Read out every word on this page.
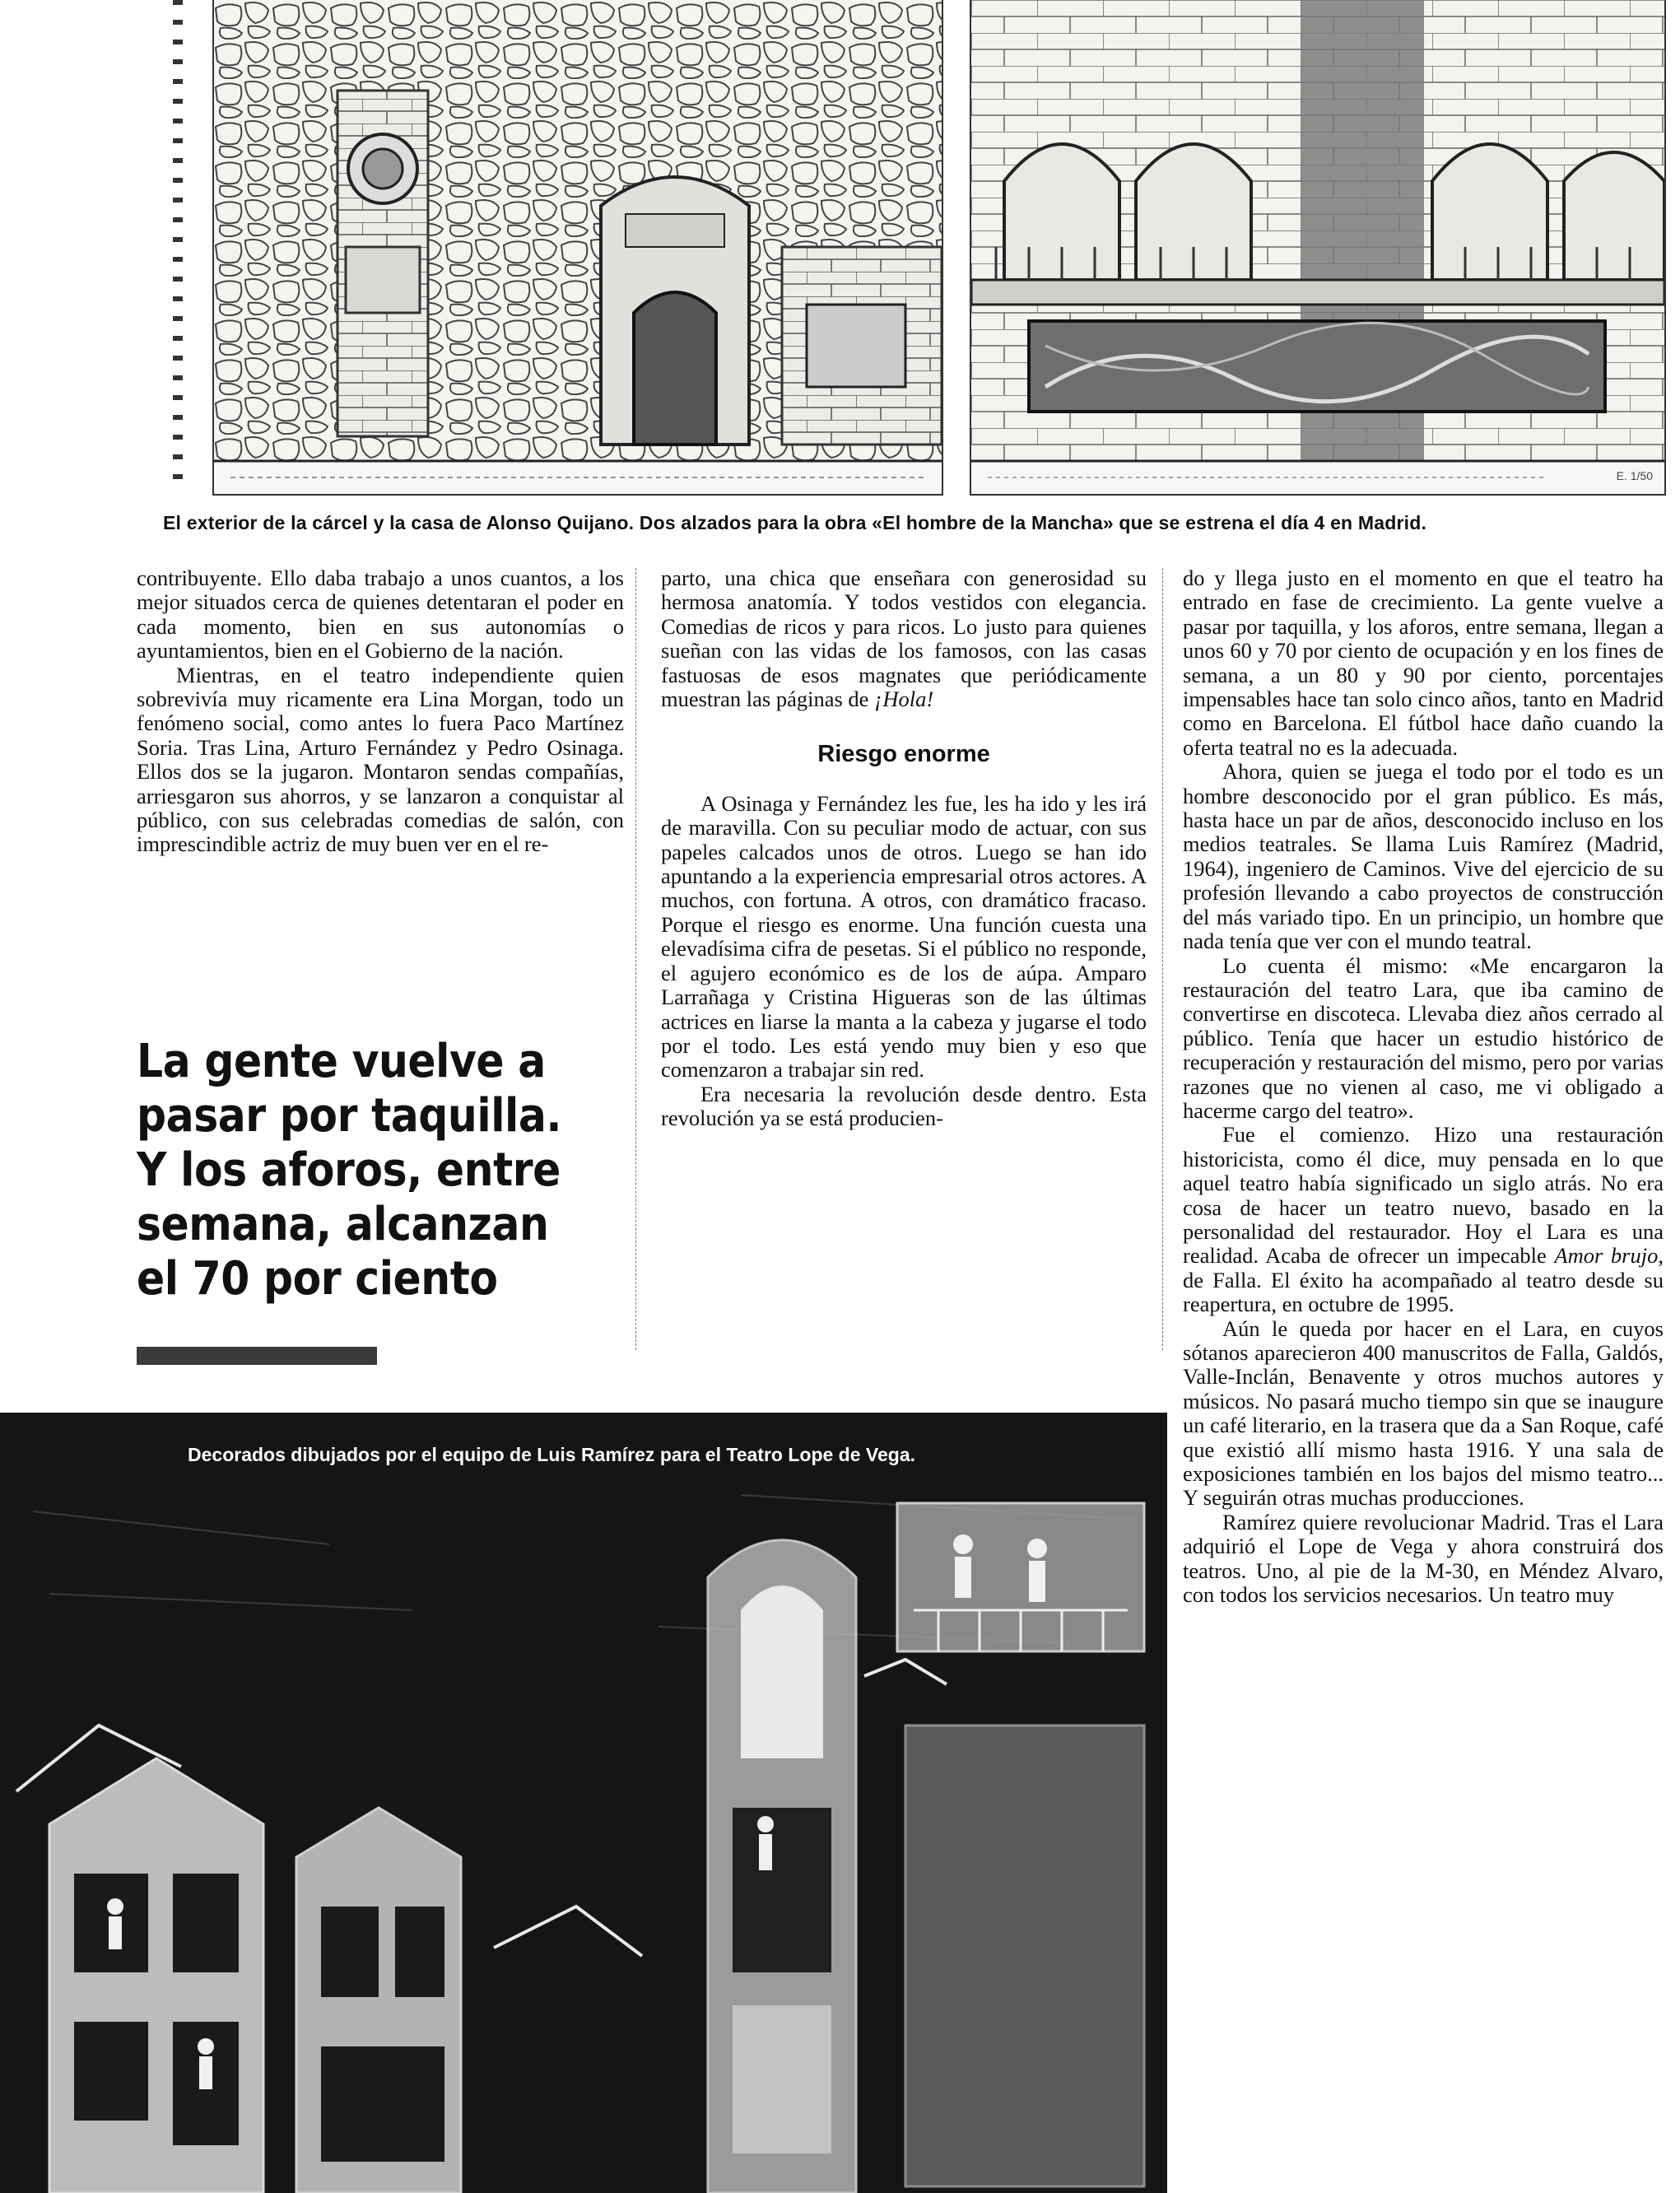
E. 1/50
El exterior de la cárcel y la casa de Alonso Quijano. Dos alzados para la obra «El hombre de la Mancha» que se estrena el día 4 en Madrid.

contribuyente. Ello daba trabajo a unos cuantos, a los mejor situados cerca de quienes detentaran el poder en cada momento, bien en sus autonomías o ayuntamientos, bien en el Gobierno de la nación.

Mientras, en el teatro independiente quien sobrevivía muy ricamente era Lina Morgan, todo un fenómeno social, como antes lo fuera Paco Martínez Soria. Tras Lina, Arturo Fernández y Pedro Osinaga. Ellos dos se la jugaron. Montaron sendas compañías, arriesgaron sus ahorros, y se lanzaron a conquistar al público, con sus celebradas comedias de salón, con imprescindible actriz de muy buen ver en el re-

La gente vuelve a
pasar por taquilla.
Y los aforos, entre
semana, alcanzan
el 70 por ciento

parto, una chica que enseñara con generosidad su hermosa anatomía. Y todos vestidos con elegancia. Comedias de ricos y para ricos. Lo justo para quienes sueñan con las vidas de los famosos, con las casas fastuosas de esos magnates que periódicamente muestran las páginas de ¡Hola!

Riesgo enorme

A Osinaga y Fernández les fue, les ha ido y les irá de maravilla. Con su peculiar modo de actuar, con sus papeles calcados unos de otros. Luego se han ido apuntando a la experiencia empresarial otros actores. A muchos, con fortuna. A otros, con dramático fracaso. Porque el riesgo es enorme. Una función cuesta una elevadísima cifra de pesetas. Si el público no responde, el agujero económico es de los de aúpa. Amparo Larrañaga y Cristina Higueras son de las últimas actrices en liarse la manta a la cabeza y jugarse el todo por el todo. Les está yendo muy bien y eso que comenzaron a trabajar sin red.

Era necesaria la revolución desde dentro. Esta revolución ya se está producien-

do y llega justo en el momento en que el teatro ha entrado en fase de crecimiento. La gente vuelve a pasar por taquilla, y los aforos, entre semana, llegan a unos 60 y 70 por ciento de ocupación y en los fines de semana, a un 80 y 90 por ciento, porcentajes impensables hace tan solo cinco años, tanto en Madrid como en Barcelona. El fútbol hace daño cuando la oferta teatral no es la adecuada.

Ahora, quien se juega el todo por el todo es un hombre desconocido por el gran público. Es más, hasta hace un par de años, desconocido incluso en los medios teatrales. Se llama Luis Ramírez (Madrid, 1964), ingeniero de Caminos. Vive del ejercicio de su profesión llevando a cabo proyectos de construcción del más variado tipo. En un principio, un hombre que nada tenía que ver con el mundo teatral.

Lo cuenta él mismo: «Me encargaron la restauración del teatro Lara, que iba camino de convertirse en discoteca. Llevaba diez años cerrado al público. Tenía que hacer un estudio histórico de recuperación y restauración del mismo, pero por varias razones que no vienen al caso, me vi obligado a hacerme cargo del teatro».

Fue el comienzo. Hizo una restauración historicista, como él dice, muy pensada en lo que aquel teatro había significado un siglo atrás. No era cosa de hacer un teatro nuevo, basado en la personalidad del restaurador. Hoy el Lara es una realidad. Acaba de ofrecer un impecable Amor brujo, de Falla. El éxito ha acompañado al teatro desde su reapertura, en octubre de 1995.

Aún le queda por hacer en el Lara, en cuyos sótanos aparecieron 400 manuscritos de Falla, Galdós, Valle-Inclán, Benavente y otros muchos autores y músicos. No pasará mucho tiempo sin que se inaugure un café literario, en la trasera que da a San Roque, café que existió allí mismo hasta 1916. Y una sala de exposiciones también en los bajos del mismo teatro... Y seguirán otras muchas producciones.

Ramírez quiere revolucionar Madrid. Tras el Lara adquirió el Lope de Vega y ahora construirá dos teatros. Uno, al pie de la M-30, en Méndez Alvaro, con todos los servicios necesarios. Un teatro muy

Decorados dibujados por el equipo de Luis Ramírez para el Teatro Lope de Vega.
